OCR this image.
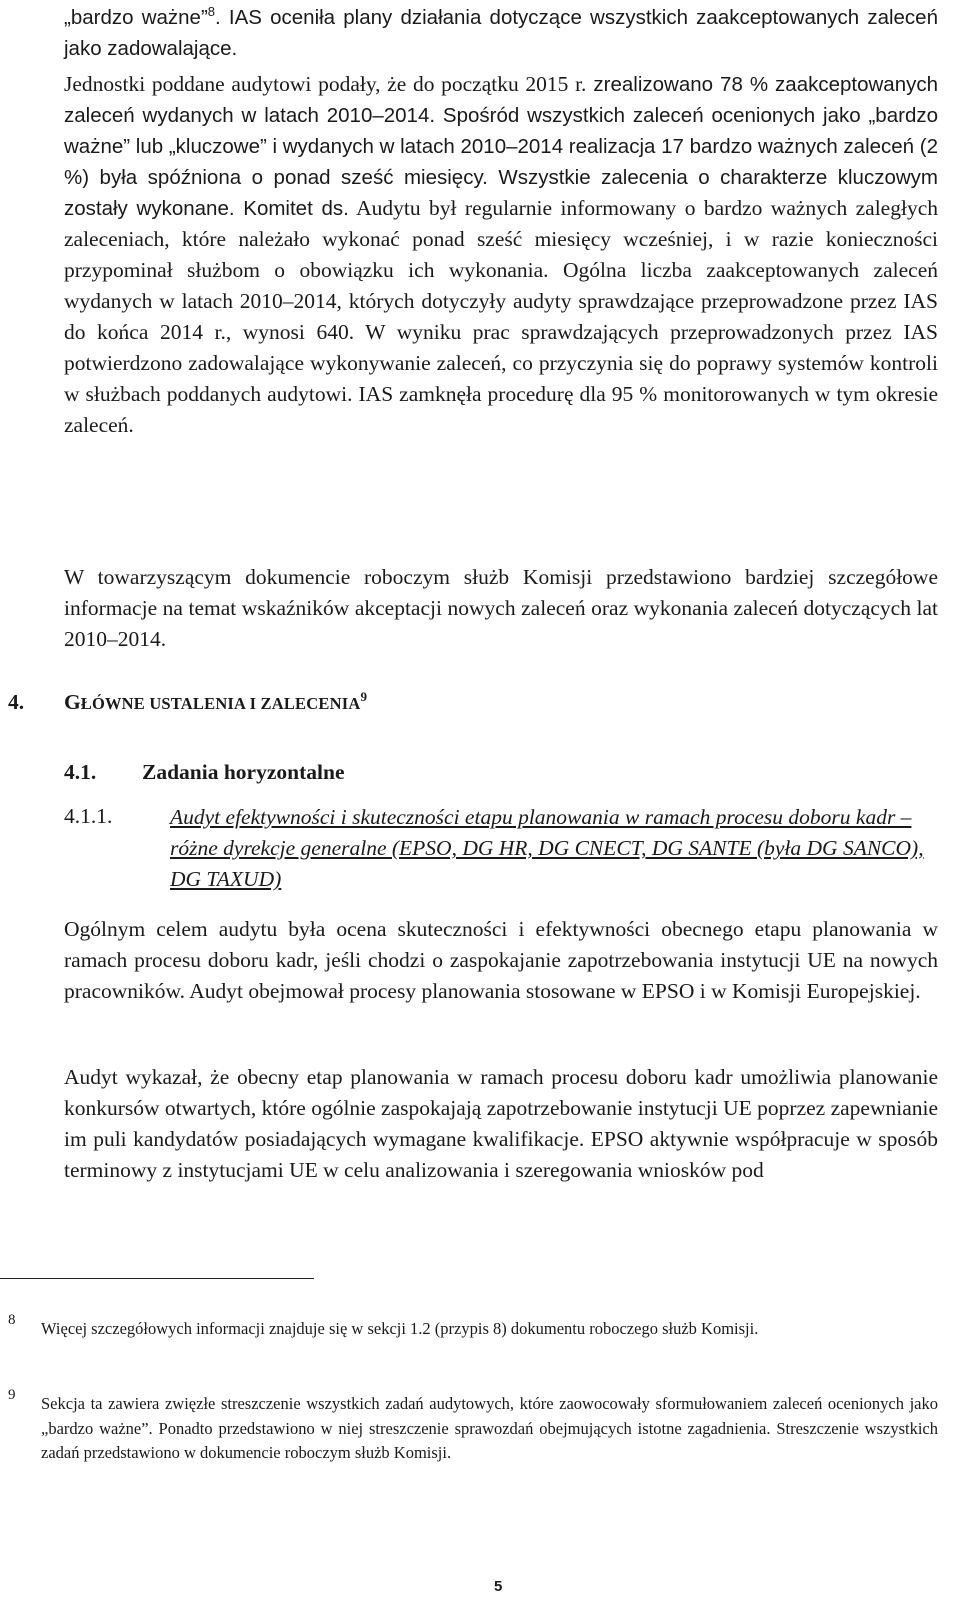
„bardzo ważne”$^8$. IAS oceniła plany działania dotyczące wszystkich zaakceptowanych zaleceń jako zadowalające.

Jednostki poddane audytowi podały, że do początku 2015 r. zrealizowano 78 % zaakceptowanych zaleceń wydanych w latach 2010–2014. Spośród wszystkich zaleceń ocenionych jako „bardzo ważne” lub „kluczowe” i wydanych w latach 2010–2014 realizacja 17 bardzo ważnych zaleceń (2 %) była spóźniona o ponad sześć miesięcy. Wszystkie zalecenia o charakterze kluczowym zostały wykonane. Komitet ds. Audytu był regularnie informowany o bardzo ważnych zaległych zaleceniach, które należało wykonać ponad sześć miesięcy wcześniej, i w razie konieczności przypominał służbom o obowiązku ich wykonania. Ogólna liczba zaakceptowanych zaleceń wydanych w latach 2010–2014, których dotyczyły audyty sprawdzające przeprowadzone przez IAS do końca 2014 r., wynosi 640. W wyniku prac sprawdzających przeprowadzonych przez IAS potwierdzono zadowalające wykonywanie zaleceń, co przyczynia się do poprawy systemów kontroli w służbach poddanych audytowi. IAS zamknęła procedurę dla 95 % monitorowanych w tym okresie zaleceń.

W towarzyszącym dokumencie roboczym służb Komisji przedstawiono bardziej szczegółowe informacje na temat wskaźników akceptacji nowych zaleceń oraz wykonania zaleceń dotyczących lat 2010–2014.

4. GŁÓWNE USTALENIA I ZALECENIA$^9$
4.1. Zadania horyzontalne
4.1.1.	Audyt efektywności i skuteczności etapu planowania w ramach procesu doboru kadr – różne dyrekcje generalne (EPSO, DG HR, DG CNECT, DG SANTE (była DG SANCO), DG TAXUD)

Ogólnym celem audytu była ocena skuteczności i efektywności obecnego etapu planowania w ramach procesu doboru kadr, jeśli chodzi o zaspokajanie zapotrzebowania instytucji UE na nowych pracowników. Audyt obejmował procesy planowania stosowane w EPSO i w Komisji Europejskiej.

Audyt wykazał, że obecny etap planowania w ramach procesu doboru kadr umożliwia planowanie konkursów otwartych, które ogólnie zaspokajają zapotrzebowanie instytucji UE poprzez zapewnianie im puli kandydatów posiadających wymagane kwalifikacje. EPSO aktywnie współpracuje w sposób terminowy z instytucjami UE w celu analizowania i szeregowania wniosków pod

8 Więcej szczegółowych informacji znajduje się w sekcji 1.2 (przypis 8) dokumentu roboczego służb Komisji.

9 Sekcja ta zawiera zwięzłe streszczenie wszystkich zadań audytowych, które zaowocowały sformułowaniem zaleceń ocenionych jako „bardzo ważne”. Ponadto przedstawiono w niej streszczenie sprawozdań obejmujących istotne zagadnienia. Streszczenie wszystkich zadań przedstawiono w dokumencie roboczym służb Komisji.

5
